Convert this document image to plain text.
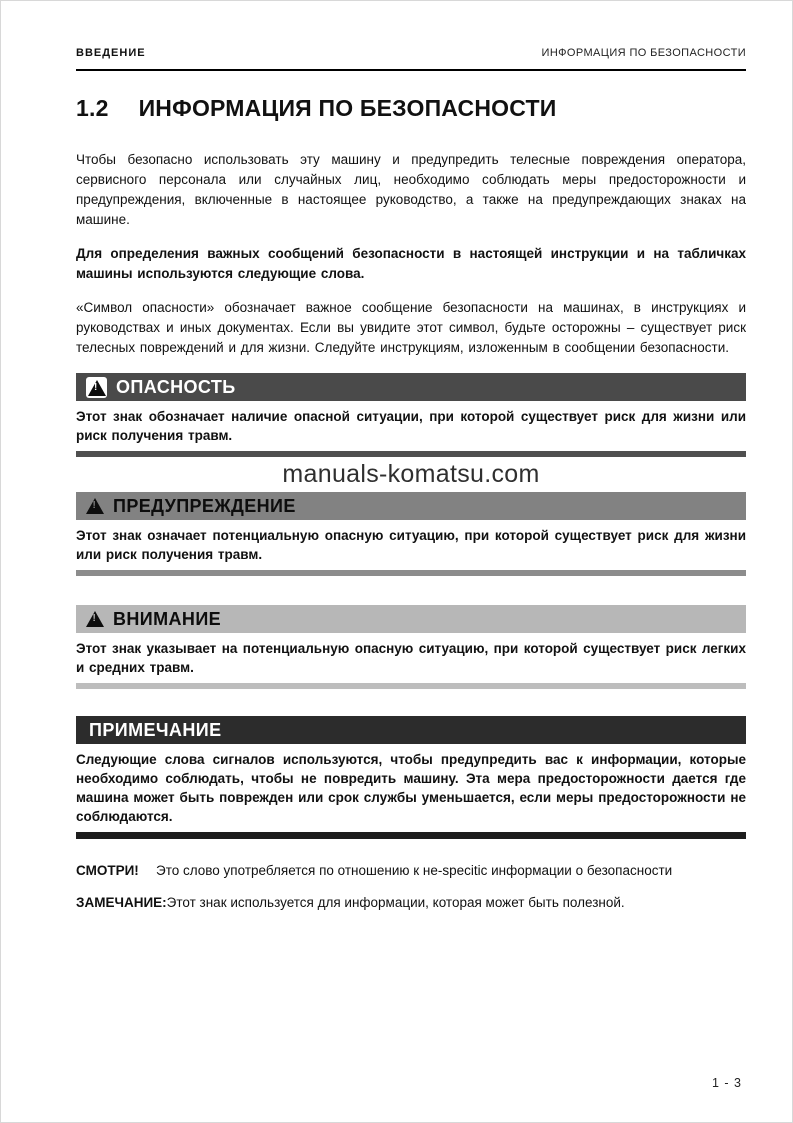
ВВЕДЕНИЕ	ИНФОРМАЦИЯ ПО БЕЗОПАСНОСТИ
1.2 ИНФОРМАЦИЯ ПО БЕЗОПАСНОСТИ

Чтобы безопасно использовать эту машину и предупредить телесные повреждения оператора, сервисного персонала или случайных лиц, необходимо соблюдать меры предосторожности и предупреждения, включенные в настоящее руководство, а также на предупреждающих знаках на машине.

Для определения важных сообщений безопасности в настоящей инструкции и на табличках машины используются следующие слова.

«Символ опасности» обозначает важное сообщение безопасности на машинах, в инструкциях и руководствах и иных документах. Если вы увидите этот символ, будьте осторожны – существует риск телесных повреждений и для жизни. Следуйте инструкциям, изложенным в сообщении безопасности.

!
ОПАСНОСТЬ

Этот знак обозначает наличие опасной ситуации, при которой существует риск для жизни или риск получения травм.

manuals-komatsu.com
!
ПРЕДУПРЕЖДЕНИЕ

Этот знак означает потенциальную опасную ситуацию, при которой существует риск для жизни или риск получения травм.

!
ВНИМАНИЕ

Этот знак указывает на потенциальную опасную ситуацию, при которой существует риск легких и средних травм.

ПРИМЕЧАНИЕ

Следующие слова сигналов используются, чтобы предупредить вас к информации, которые необходимо соблюдать, чтобы не повредить машину. Эта мера предосторожности дается где машина может быть поврежден или срок службы уменьшается, если меры предосторожности не соблюдаются.

СМОТРИ! Это слово употребляется по отношению к не-specitic информации о безопасности
ЗАМЕЧАНИЕ:Этот знак используется для информации, которая может быть полезной.
1 - 3
